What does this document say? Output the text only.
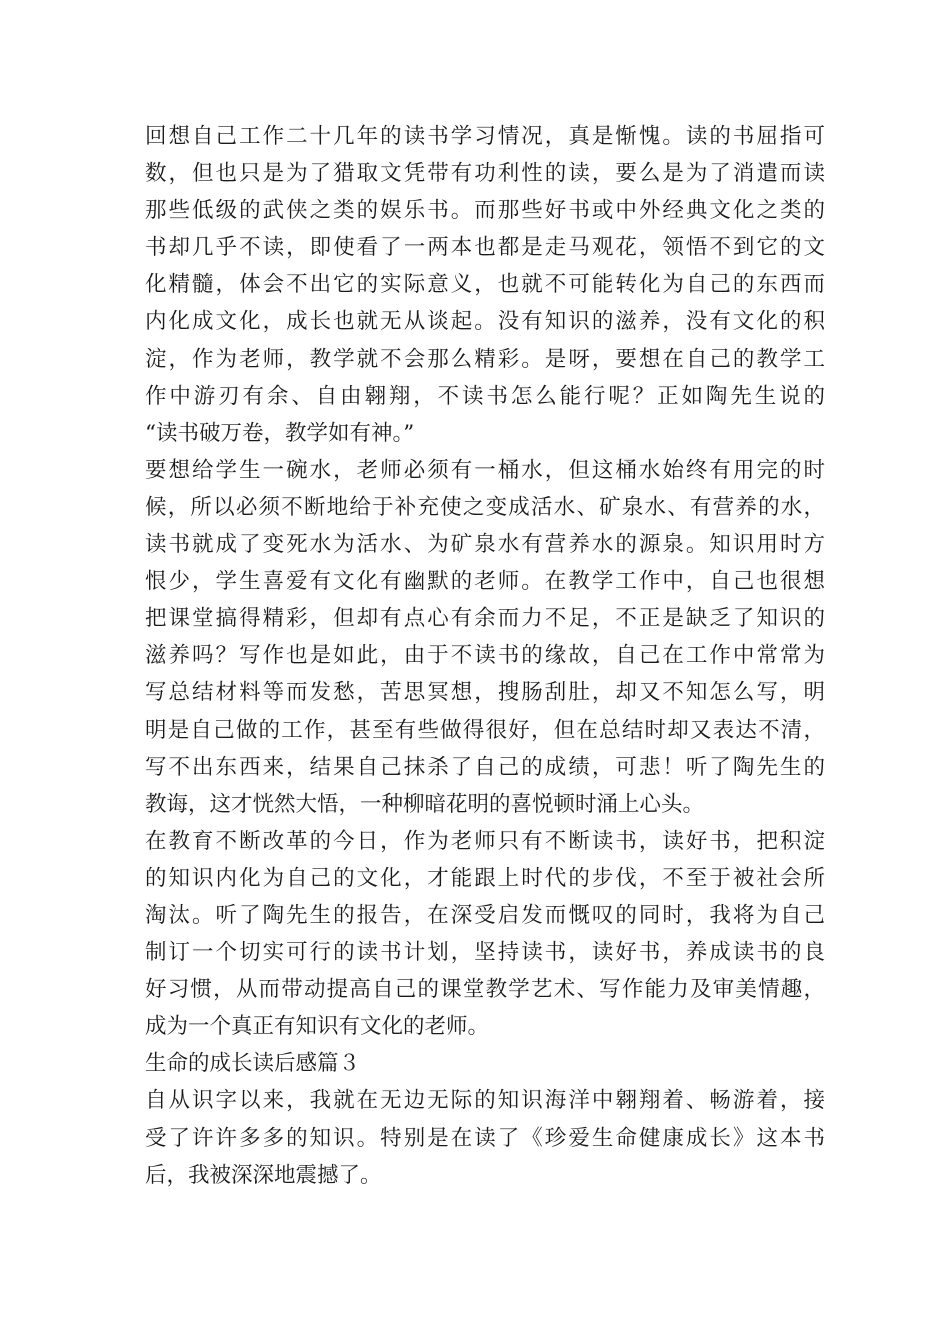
回想自己工作二十几年的读书学习情况，真是惭愧。读的书屈指可
数，但也只是为了猎取文凭带有功利性的读，要么是为了消遣而读
那些低级的武侠之类的娱乐书。而那些好书或中外经典文化之类的
书却几乎不读，即使看了一两本也都是走马观花，领悟不到它的文
化精髓，体会不出它的实际意义，也就不可能转化为自己的东西而
内化成文化，成长也就无从谈起。没有知识的滋养，没有文化的积
淀，作为老师，教学就不会那么精彩。是呀，要想在自己的教学工
作中游刃有余、自由翱翔，不读书怎么能行呢？正如陶先生说的
“读书破万卷，教学如有神。”
要想给学生一碗水，老师必须有一桶水，但这桶水始终有用完的时
候，所以必须不断地给于补充使之变成活水、矿泉水、有营养的水，
读书就成了变死水为活水、为矿泉水有营养水的源泉。知识用时方
恨少，学生喜爱有文化有幽默的老师。在教学工作中，自己也很想
把课堂搞得精彩，但却有点心有余而力不足，不正是缺乏了知识的
滋养吗？写作也是如此，由于不读书的缘故，自己在工作中常常为
写总结材料等而发愁，苦思冥想，搜肠刮肚，却又不知怎么写，明
明是自己做的工作，甚至有些做得很好，但在总结时却又表达不清，
写不出东西来，结果自己抹杀了自己的成绩，可悲！听了陶先生的
教诲，这才恍然大悟，一种柳暗花明的喜悦顿时涌上心头。
在教育不断改革的今日，作为老师只有不断读书，读好书，把积淀
的知识内化为自己的文化，才能跟上时代的步伐，不至于被社会所
淘汰。听了陶先生的报告，在深受启发而慨叹的同时，我将为自己
制订一个切实可行的读书计划，坚持读书，读好书，养成读书的良
好习惯，从而带动提高自己的课堂教学艺术、写作能力及审美情趣，
成为一个真正有知识有文化的老师。
生命的成长读后感篇３
自从识字以来，我就在无边无际的知识海洋中翱翔着、畅游着，接
受了许许多多的知识。特别是在读了《珍爱生命健康成长》这本书
后，我被深深地震撼了。
